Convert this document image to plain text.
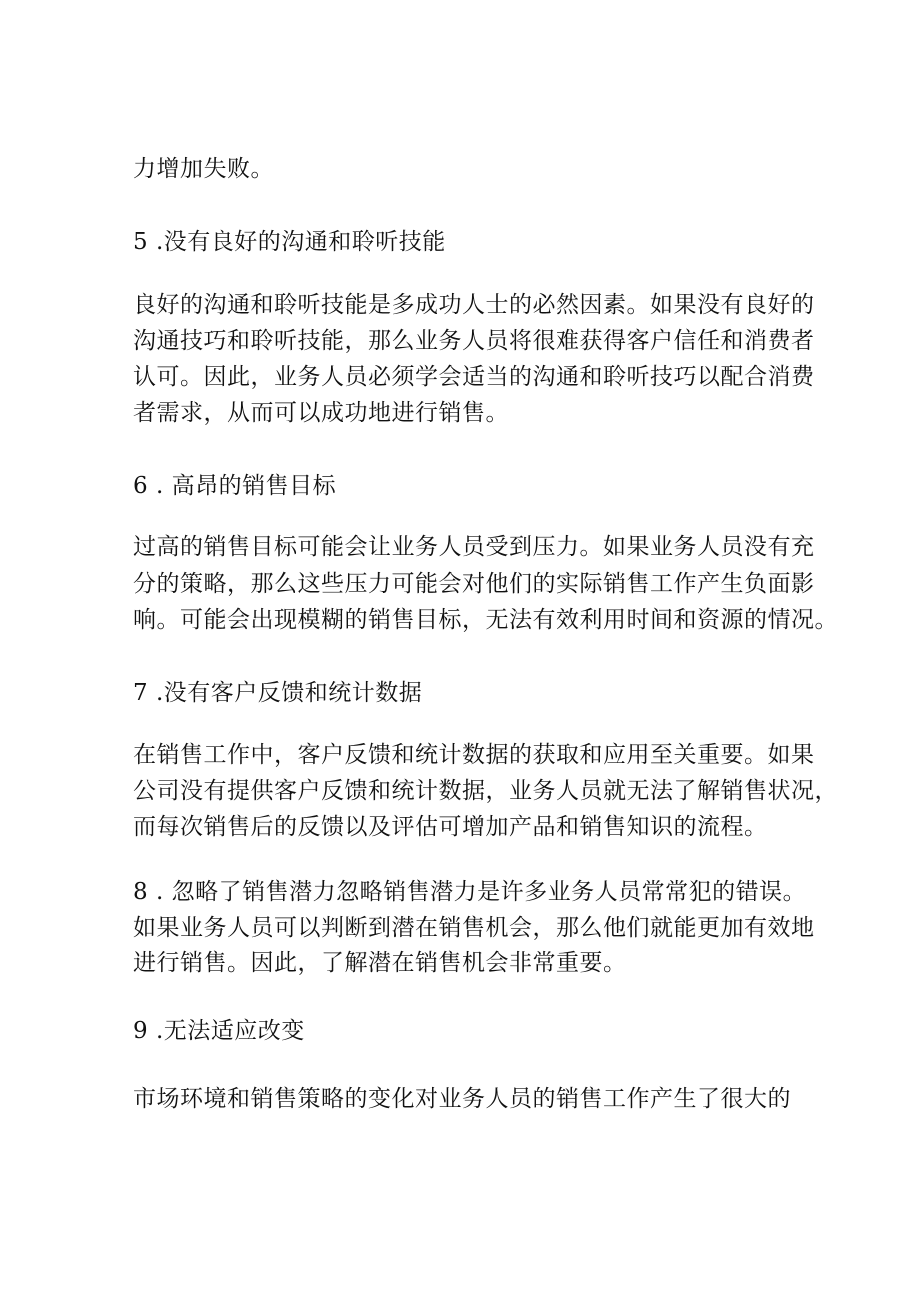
力增加失败。
5 .没有良好的沟通和聆听技能
良好的沟通和聆听技能是多成功人士的必然因素。如果没有良好的
沟通技巧和聆听技能，那么业务人员将很难获得客户信任和消费者
认可。因此，业务人员必须学会适当的沟通和聆听技巧以配合消费
者需求，从而可以成功地进行销售。
6 . 高昂的销售目标
过高的销售目标可能会让业务人员受到压力。如果业务人员没有充
分的策略，那么这些压力可能会对他们的实际销售工作产生负面影
响。可能会出现模糊的销售目标，无法有效利用时间和资源的情况。
7 .没有客户反馈和统计数据
在销售工作中，客户反馈和统计数据的获取和应用至关重要。如果
公司没有提供客户反馈和统计数据，业务人员就无法了解销售状况，
而每次销售后的反馈以及评估可增加产品和销售知识的流程。
8 . 忽略了销售潜力忽略销售潜力是许多业务人员常常犯的错误。
如果业务人员可以判断到潜在销售机会，那么他们就能更加有效地
进行销售。因此，了解潜在销售机会非常重要。
9 .无法适应改变
市场环境和销售策略的变化对业务人员的销售工作产生了很大的
